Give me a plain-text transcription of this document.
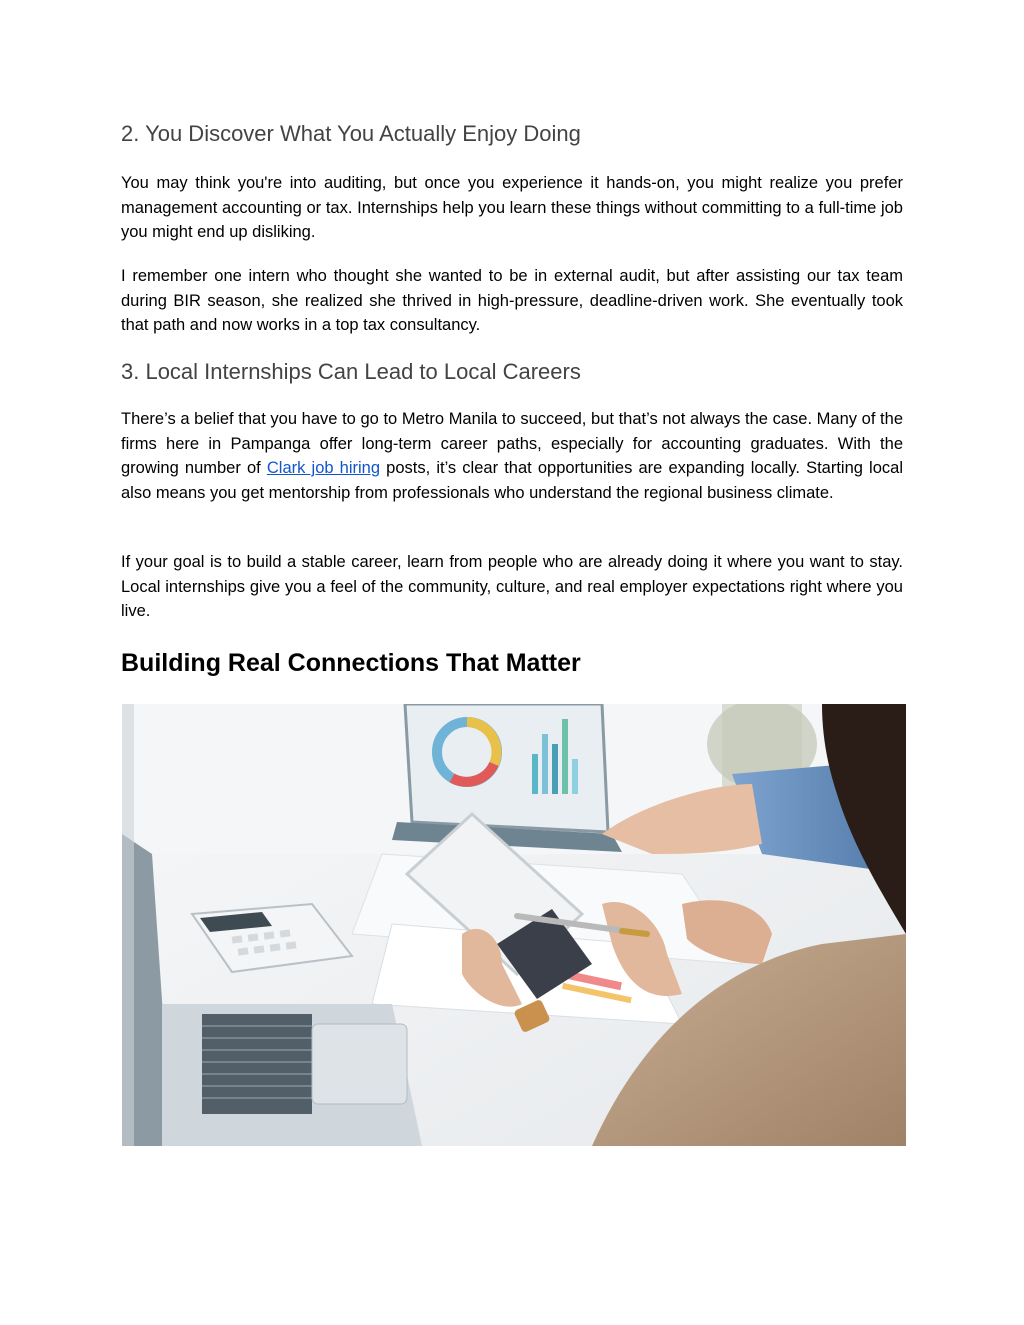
2. You Discover What You Actually Enjoy Doing

You may think you're into auditing, but once you experience it hands-on, you might realize you prefer management accounting or tax. Internships help you learn these things without committing to a full-time job you might end up disliking.

I remember one intern who thought she wanted to be in external audit, but after assisting our tax team during BIR season, she realized she thrived in high-pressure, deadline-driven work. She eventually took that path and now works in a top tax consultancy.

3. Local Internships Can Lead to Local Careers

There’s a belief that you have to go to Metro Manila to succeed, but that’s not always the case. Many of the firms here in Pampanga offer long-term career paths, especially for accounting graduates. With the growing number of Clark job hiring posts, it’s clear that opportunities are expanding locally. Starting local also means you get mentorship from professionals who understand the regional business climate.

If your goal is to build a stable career, learn from people who are already doing it where you want to stay. Local internships give you a feel of the community, culture, and real employer expectations right where you live.

Building Real Connections That Matter
